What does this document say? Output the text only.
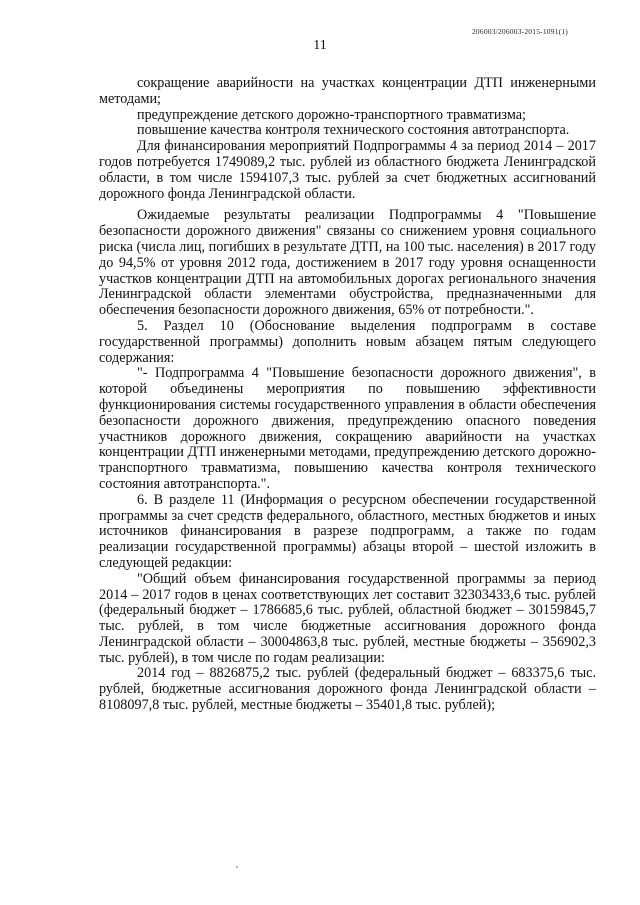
206003/206003-2015-1091(1)
11

сокращение аварийности на участках концентрации ДТП инженерными методами;

предупреждение детского дорожно-транспортного травматизма;

повышение качества контроля технического состояния автотранспорта.

Для финансирования мероприятий Подпрограммы 4 за период 2014 – 2017 годов потребуется 1749089,2 тыс. рублей из областного бюджета Ленинградской области, в том числе 1594107,3 тыс. рублей за счет бюджетных ассигнований дорожного фонда Ленинградской области.

Ожидаемые результаты реализации Подпрограммы 4 "Повышение безопасности дорожного движения" связаны со снижением уровня социального риска (числа лиц, погибших в результате ДТП, на 100 тыс. населения) в 2017 году до 94,5% от уровня 2012 года, достижением в 2017 году уровня оснащенности участков концентрации ДТП на автомобильных дорогах регионального значения Ленинградской области элементами обустройства, предназначенными для обеспечения безопасности дорожного движения, 65% от потребности.".

5. Раздел 10 (Обоснование выделения подпрограмм в составе государственной программы) дополнить новым абзацем пятым следующего содержания:

"- Подпрограмма 4 "Повышение безопасности дорожного движения", в которой объединены мероприятия по повышению эффективности функционирования системы государственного управления в области обеспечения безопасности дорожного движения, предупреждению опасного поведения участников дорожного движения, сокращению аварийности на участках концентрации ДТП инженерными методами, предупреждению детского дорожно-транспортного травматизма, повышению качества контроля технического состояния автотранспорта.".

6. В разделе 11 (Информация о ресурсном обеспечении государственной программы за счет средств федерального, областного, местных бюджетов и иных источников финансирования в разрезе подпрограмм, а также по годам реализации государственной программы) абзацы второй – шестой изложить в следующей редакции:

"Общий объем финансирования государственной программы за период 2014 – 2017 годов в ценах соответствующих лет составит 32303433,6 тыс. рублей (федеральный бюджет – 1786685,6 тыс. рублей, областной бюджет – 30159845,7 тыс. рублей, в том числе бюджетные ассигнования дорожного фонда Ленинградской области – 30004863,8 тыс. рублей, местные бюджеты – 356902,3 тыс. рублей), в том числе по годам реализации:

2014 год – 8826875,2 тыс. рублей (федеральный бюджет – 683375,6 тыс. рублей, бюджетные ассигнования дорожного фонда Ленинградской области – 8108097,8 тыс. рублей, местные бюджеты – 35401,8 тыс. рублей);
